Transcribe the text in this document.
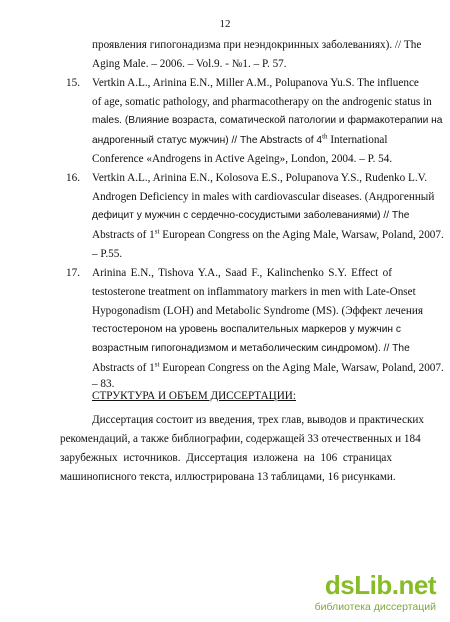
12
проявления гипогонадизма при неэндокринных заболеваниях). // The
Aging Male. – 2006. – Vol.9. - №1. – P. 57.
15. Vertkin A.L., Arinina E.N., Miller A.M., Polupanova Yu.S. The influence
of age, somatic pathology, and pharmacotherapy on the androgenic status in
males. (Влияние возраста, соматической патологии и фармакотерапии на
андрогенный статус мужчин) // The Abstracts of 4th International
Conference «Androgens in Active Ageing», London, 2004. – P. 54.
16. Vertkin A.L., Arinina E.N., Kolosova E.S., Polupanova Y.S., Rudenko L.V.
Androgen Deficiency in males with cardiovascular diseases. (Андрогенный
дефицит у мужчин с сердечно-сосудистыми заболеваниями) // The
Abstracts of 1st European Congress on the Aging Male, Warsaw, Poland, 2007.
– P.55.
17. Arinina E.N., Tishova Y.A., Saad F., Kalinchenko S.Y. Effect of
testosterone treatment on inflammatory markers in men with Late-Onset
Hypogonadism (LOH) and Metabolic Syndrome (MS). (Эффект лечения
тестостероном на уровень воспалительных маркеров у мужчин с
возрастным гипогонадизмом и метаболическим синдромом). // The
Abstracts of 1st European Congress on the Aging Male, Warsaw, Poland, 2007.
– 83.
СТРУКТУРА И ОБЪЕМ ДИССЕРТАЦИИ:
Диссертация состоит из введения, трех глав, выводов и практических
рекомендаций, а также библиографии, содержащей 33 отечественных и 184
зарубежных источников. Диссертация изложена на 106 страницах
машинописного текста, иллюстрирована 13 таблицами, 16 рисунками.
dsLib.net
библиотека диссертаций
